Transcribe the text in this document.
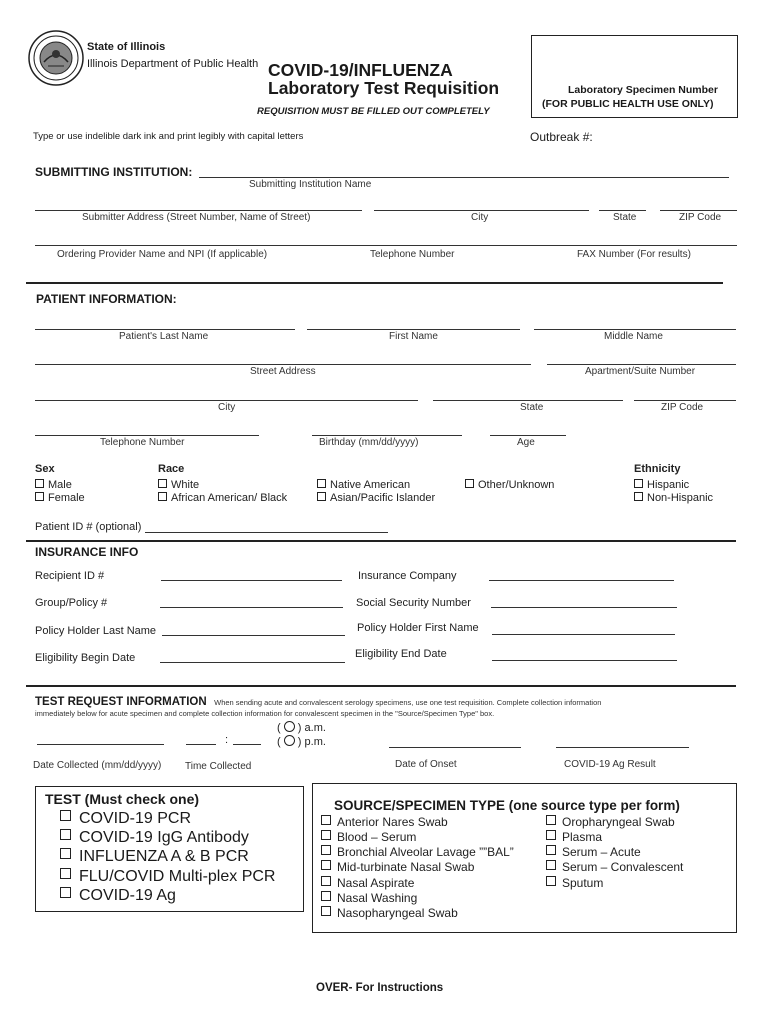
State of Illinois
Illinois Department of Public Health COVID-19/INFLUENZA
Laboratory Test Requisition
REQUISITION MUST BE FILLED OUT COMPLETELY
Laboratory Specimen Number
(FOR PUBLIC HEALTH USE ONLY)
Type or use indelible dark ink and print legibly with capital letters	Outbreak #:
SUBMITTING INSTITUTION:
Submitting Institution Name
Submitter Address (Street Number, Name of Street)	City	State	ZIP Code
Ordering Provider Name and NPI (If applicable)	Telephone Number	FAX Number (For results)
PATIENT INFORMATION:
Patient's Last Name	First Name	Middle Name
Street Address	Apartment/Suite Number
City	State	ZIP Code
Telephone Number	Birthday (mm/dd/yyyy)	Age
Sex	Race	Ethnicity
Male
Female
White
African American/ Black
Native American
Asian/Pacific Islander
Other/Unknown	Hispanic
Non-Hispanic
Patient ID # (optional)
INSURANCE INFO
Recipient ID #	Insurance Company
Group/Policy #	Social Security Number
Policy Holder Last Name	Policy Holder First Name
Eligibility Begin Date	Eligibility End Date
TEST REQUEST INFORMATION When sending acute and convalescent serology specimens, use one test requisition. Complete collection information
immediately below for acute specimen and complete collection information for convalescent specimen in the "Source/Specimen Type" box.
( ) a.m.
( ) p.m.
:
Date Collected (mm/dd/yyyy) Time Collected	Date of Onset	COVID-19 Ag Result
TEST (Must check one)
COVID-19 PCR
COVID-19 IgG Antibody
INFLUENZA A & B PCR
FLU/COVID Multi-plex PCR
COVID-19 Ag
SOURCE/SPECIMEN TYPE (one source type per form)
Anterior Nares Swab
Blood – Serum
Bronchial Alveolar Lavage ””BAL”
Mid-turbinate Nasal Swab
Nasal Aspirate
Nasal Washing
Nasopharyngeal Swab
Oropharyngeal Swab
Plasma
Serum – Acute
Serum – Convalescent
Sputum
OVER- For Instructions
